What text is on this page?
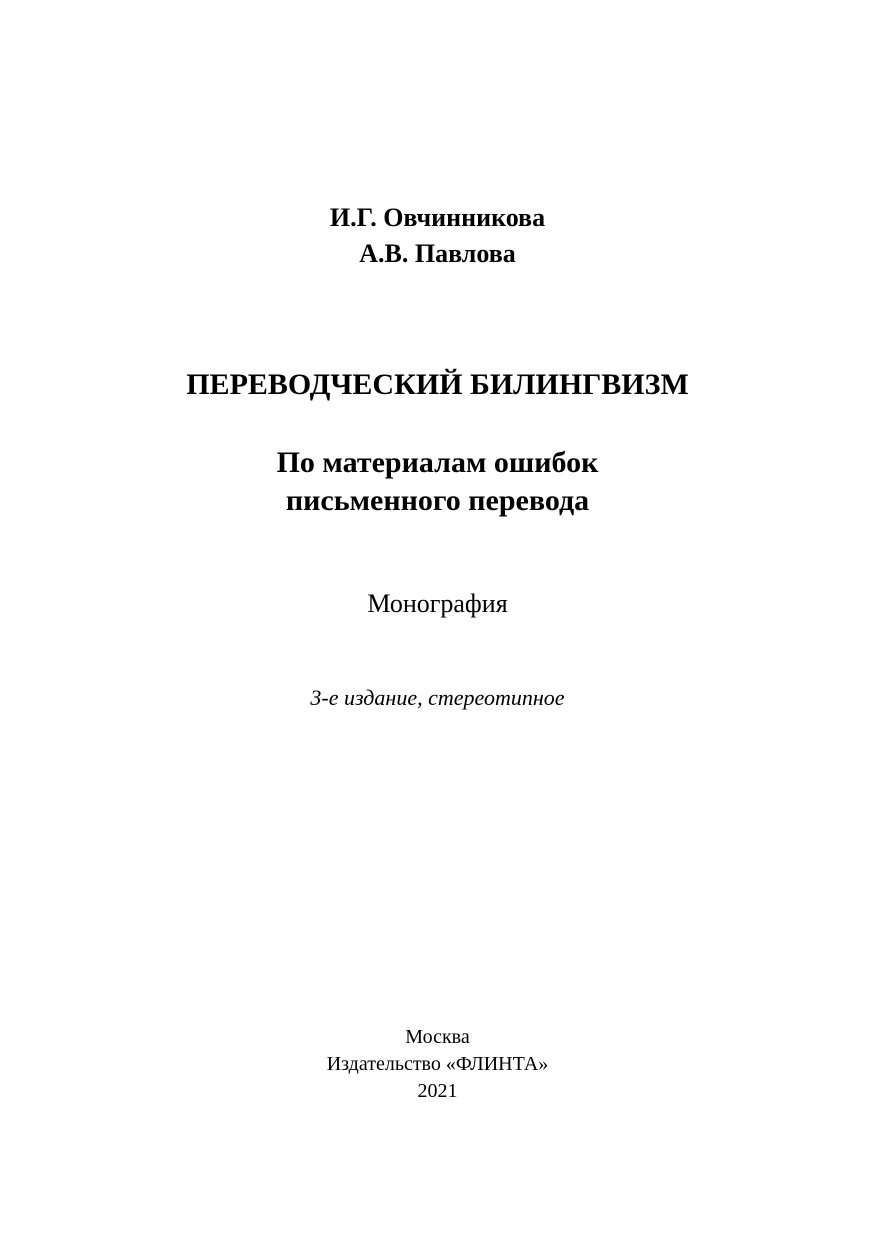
И.Г. Овчинникова
А.В. Павлова
ПЕРЕВОДЧЕСКИЙ БИЛИНГВИЗМ
По материалам ошибок
письменного перевода
Монография
3-е издание, стереотипное
Москва
Издательство «ФЛИНТА»
2021
